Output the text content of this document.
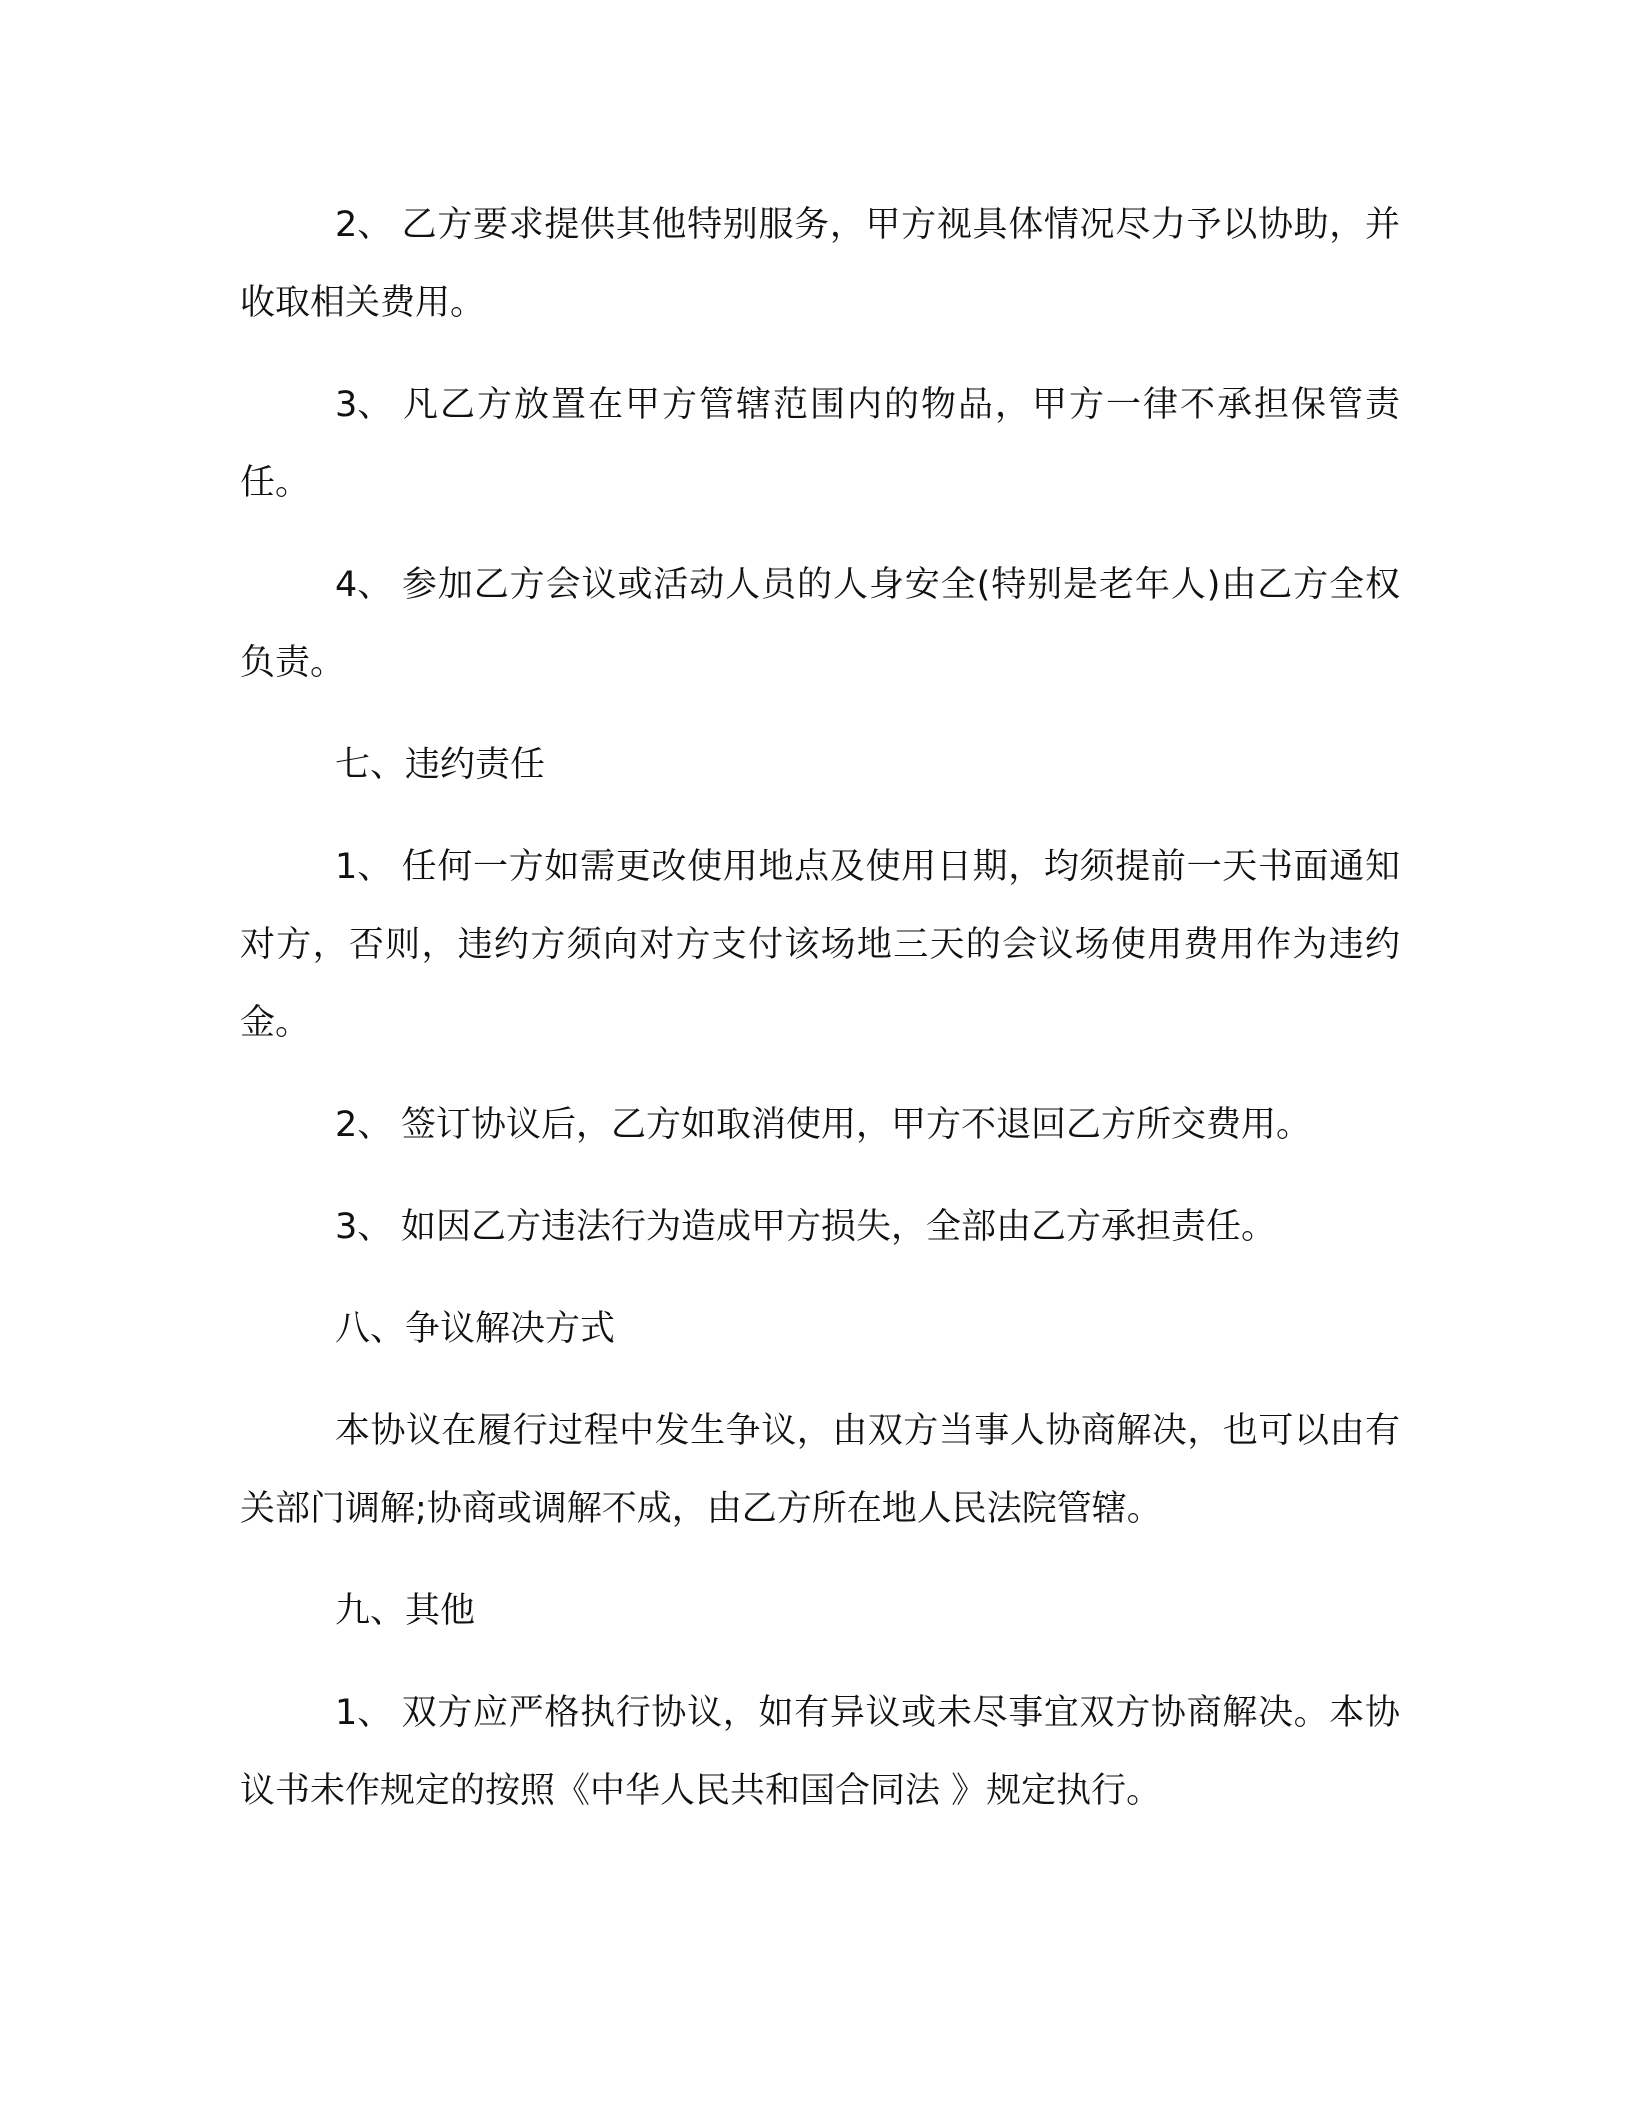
2、 乙方要求提供其他特别服务，甲方视具体情况尽力予以协助，并收取相关费用。

3、 凡乙方放置在甲方管辖范围内的物品，甲方一律不承担保管责任。

4、 参加乙方会议或活动人员的人身安全(特别是老年人)由乙方全权负责。

七、违约责任

1、 任何一方如需更改使用地点及使用日期，均须提前一天书面通知对方，否则，违约方须向对方支付该场地三天的会议场使用费用作为违约金。

2、 签订协议后，乙方如取消使用，甲方不退回乙方所交费用。

3、 如因乙方违法行为造成甲方损失，全部由乙方承担责任。

八、争议解决方式

本协议在履行过程中发生争议，由双方当事人协商解决，也可以由有关部门调解;协商或调解不成，由乙方所在地人民法院管辖。

九、其他

1、 双方应严格执行协议，如有异议或未尽事宜双方协商解决。本协议书未作规定的按照《中华人民共和国合同法 》规定执行。
